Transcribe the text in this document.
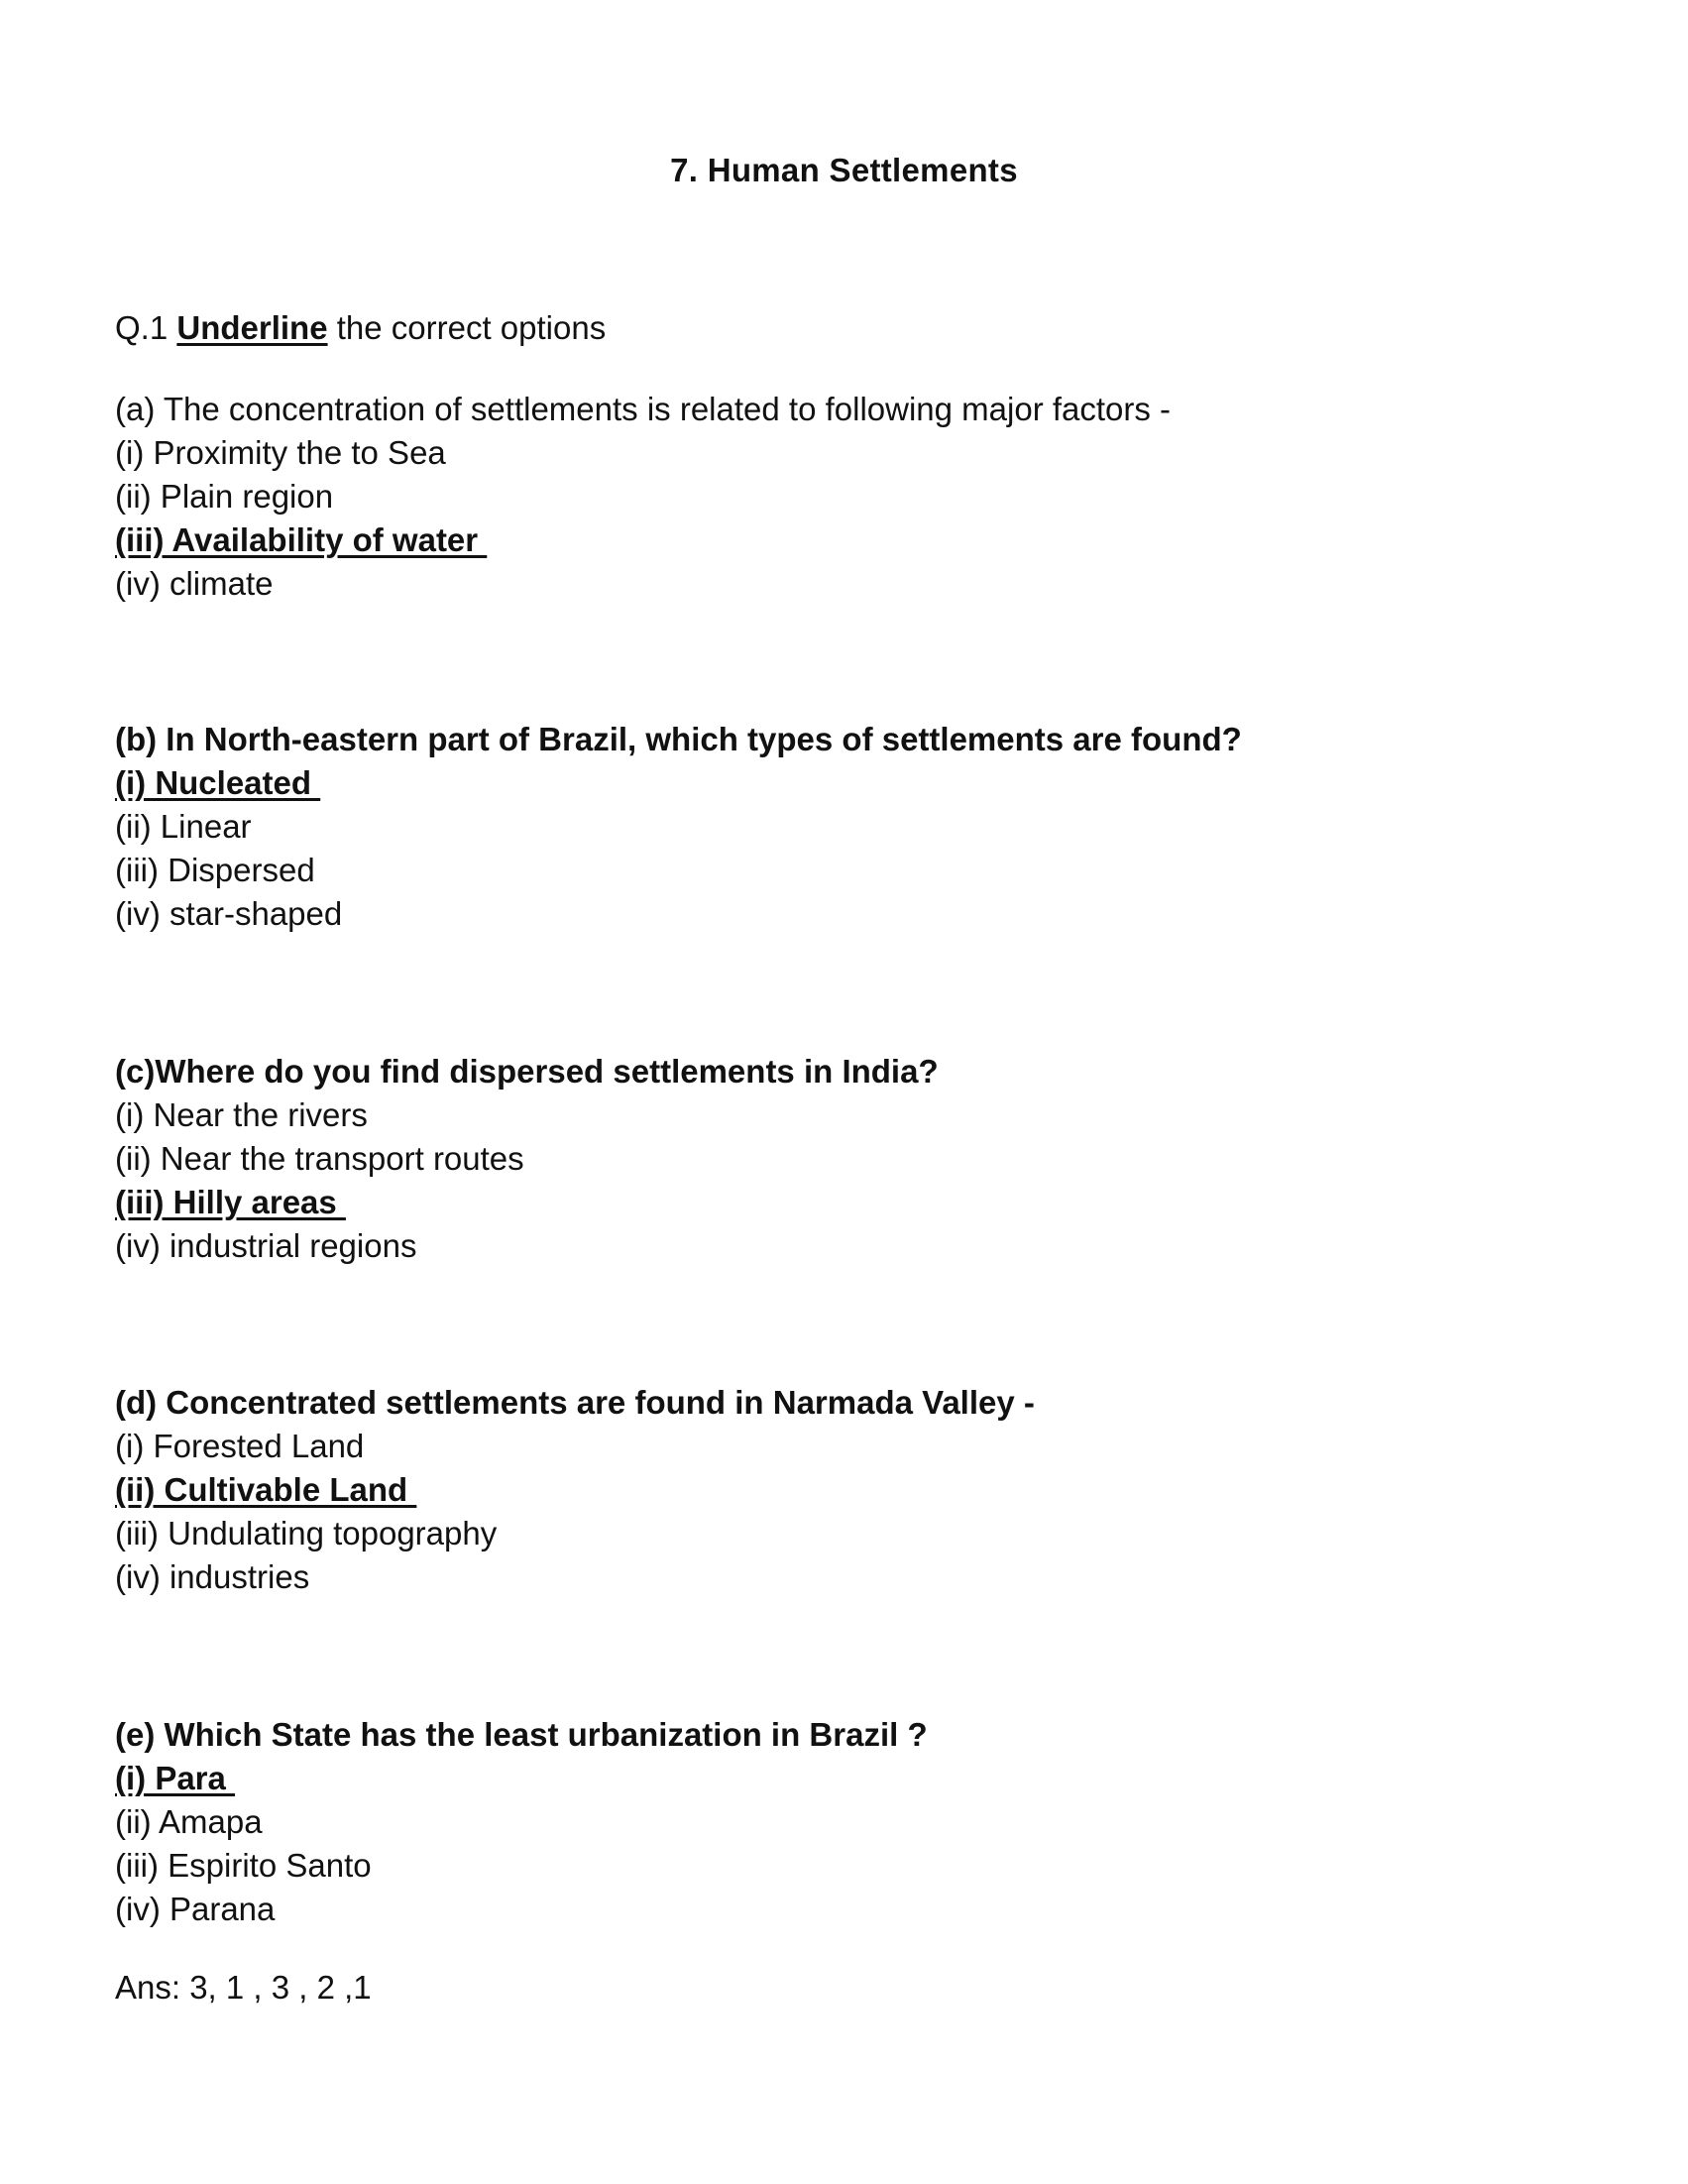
7. Human Settlements
Q.1 Underline the correct options
(a) The concentration of settlements is related to following major factors -
(i) Proximity the to Sea
(ii) Plain region
(iii) Availability of water
(iv) climate
(b) In North-eastern part of Brazil, which types of settlements are found?
(i) Nucleated
(ii) Linear
(iii) Dispersed
(iv) star-shaped
(c)Where do you find dispersed settlements in India?
(i) Near the rivers
(ii) Near the transport routes
(iii) Hilly areas
(iv) industrial regions
(d) Concentrated settlements are found in Narmada Valley -
(i) Forested Land
(ii) Cultivable Land
(iii) Undulating topography
(iv) industries
(e) Which State has the least urbanization in Brazil ?
(i) Para
(ii) Amapa
(iii) Espirito Santo
(iv) Parana
Ans: 3, 1 , 3 , 2 ,1
